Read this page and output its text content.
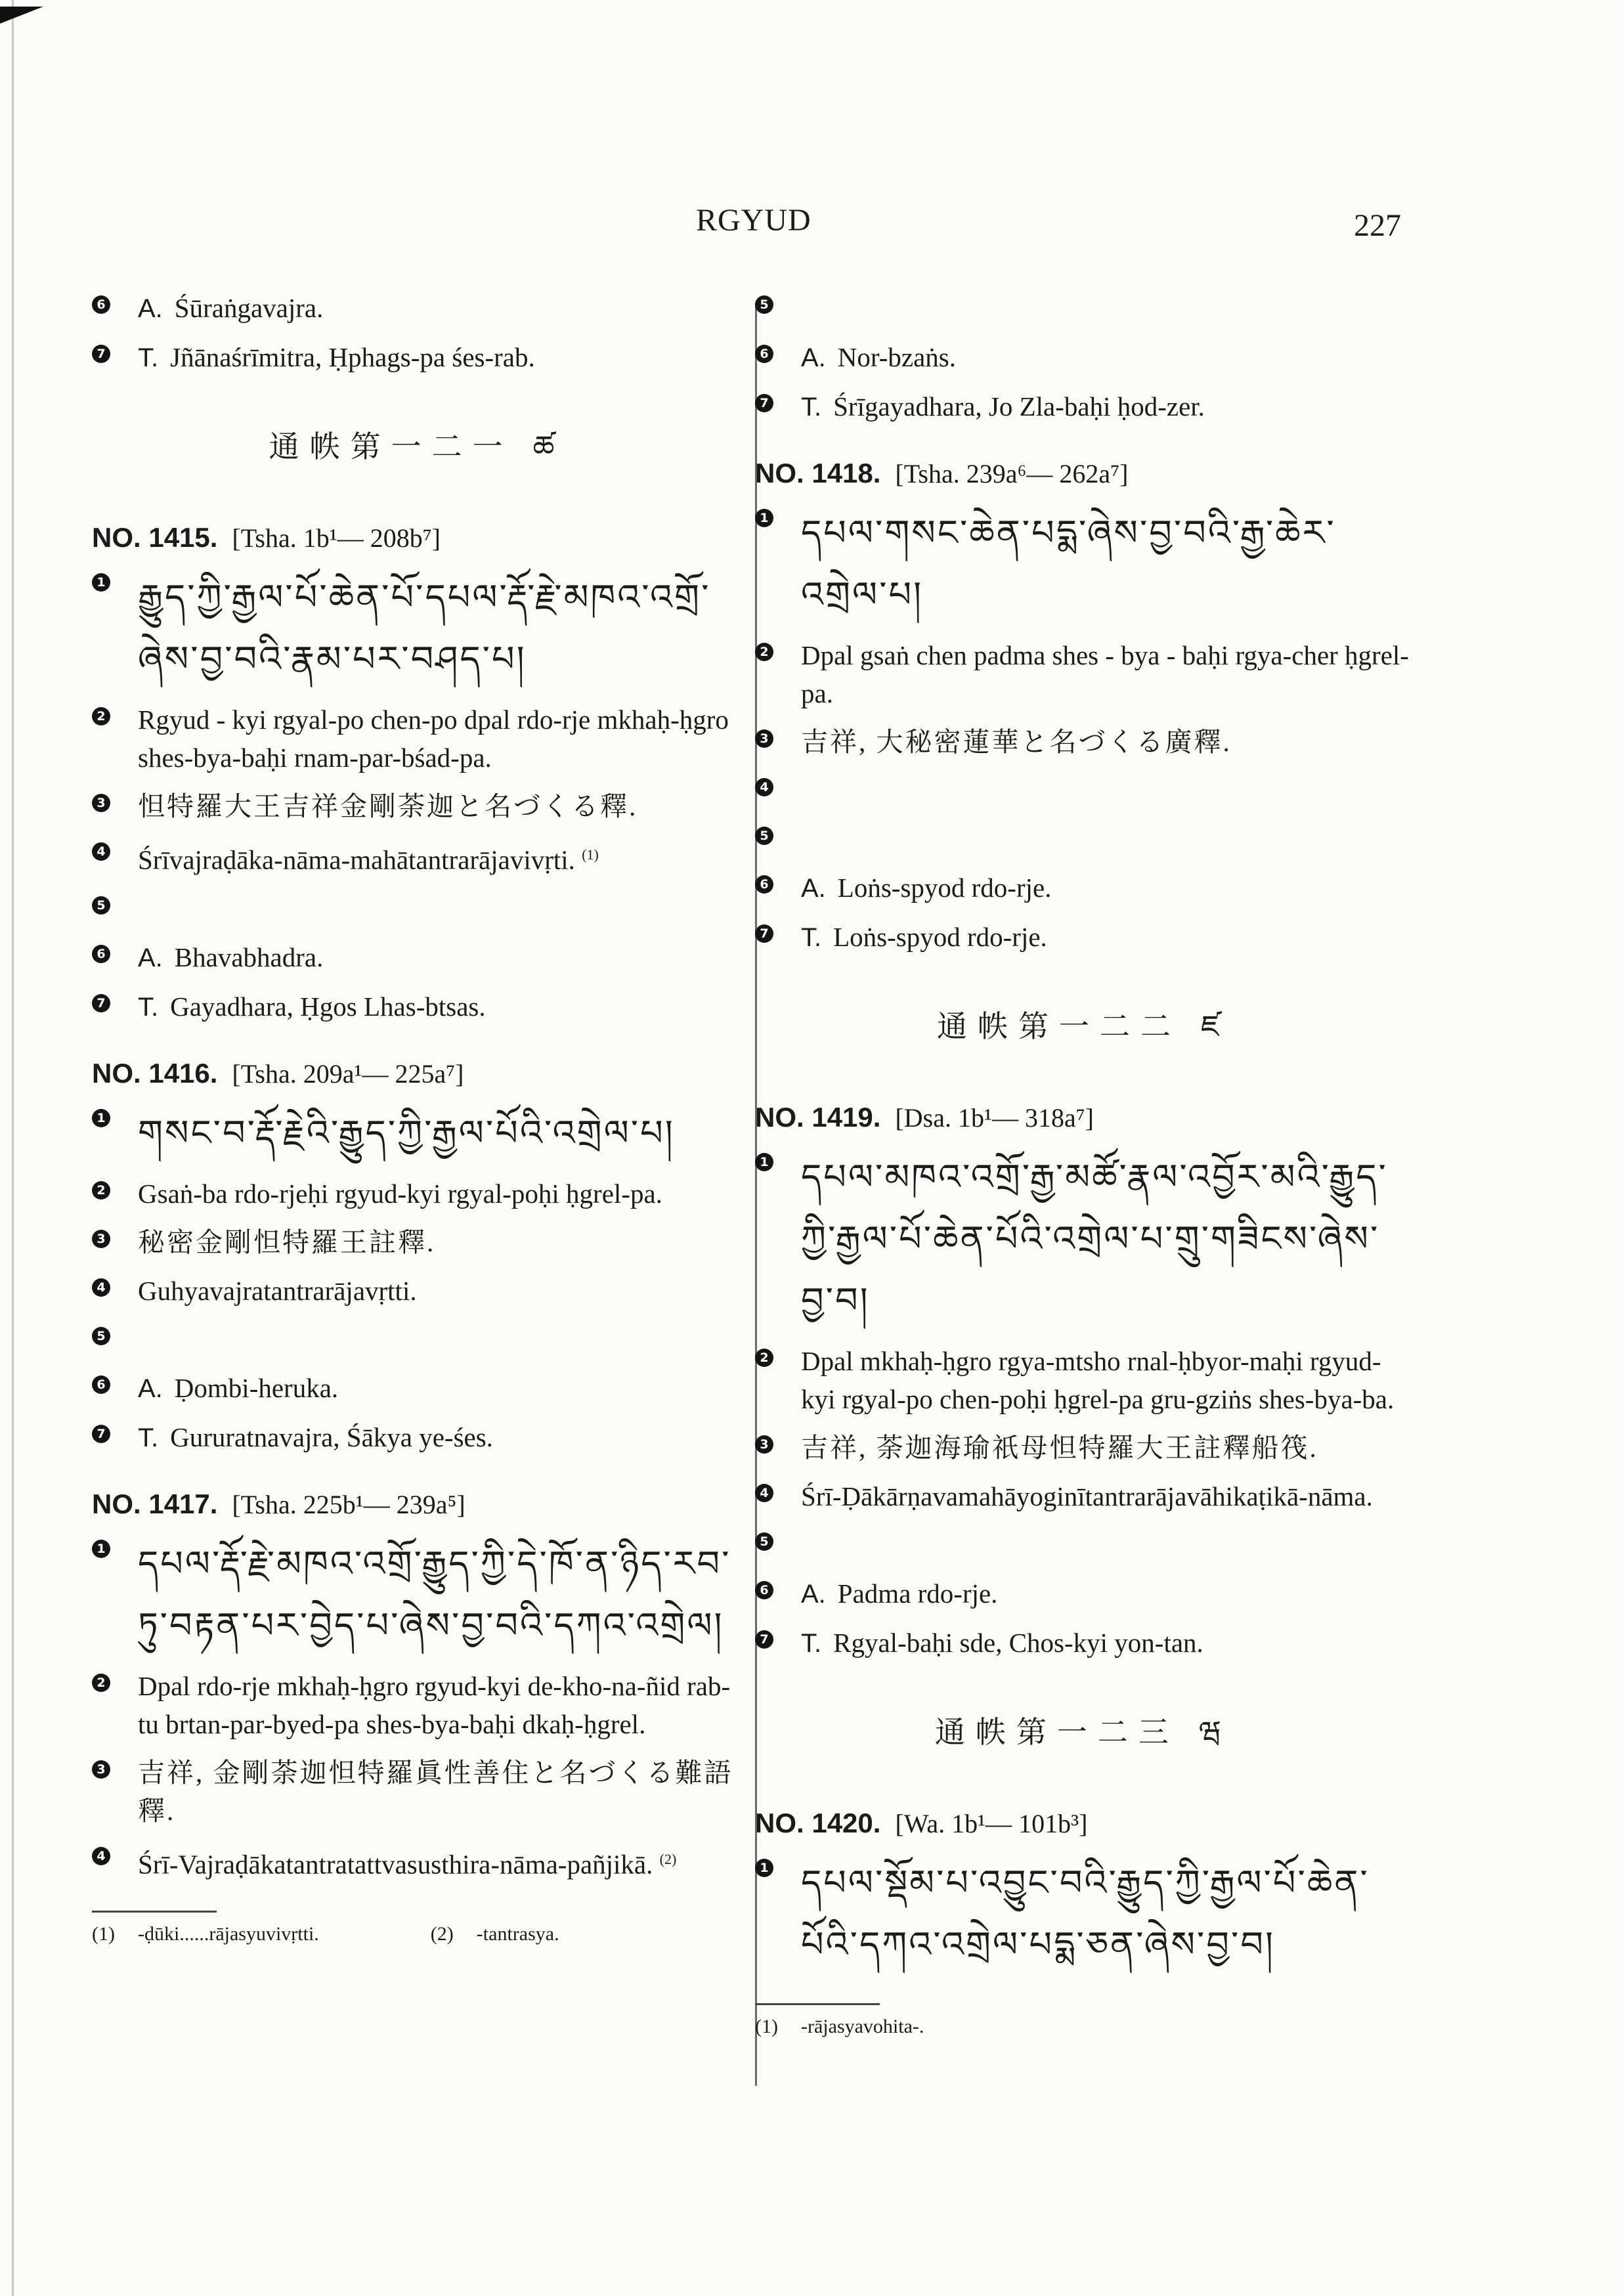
RGYUD	227
6	A. Śūraṅgavajra.
7	T. Jñānaśrīmitra, Ḥphags-pa śes-rab.
通帙第一二一 ཚ
NO. 1415. [Tsha. 1b¹— 208b⁷]
1 རྒྱུད་ཀྱི་རྒྱལ་པོ་ཆེན་པོ་དཔལ་རྡོ་རྗེ་མཁའ་འགྲོ་ཞེས་བྱ་བའི་རྣམ་པར་བཤད་པ།
2	Rgyud - kyi rgyal-po chen-po dpal rdo-rje mkhaḥ-ḥgro shes-bya-baḥi rnam-par-bśad-pa.
3	怛特羅大王吉祥金剛荼迦と名づくる釋.
4	Śrīvajraḍāka-nāma-mahātantrarājavivṛti. $^{(1)}$
5

6	A. Bhavabhadra.
7	T. Gayadhara, Ḥgos Lhas-btsas.
NO. 1416. [Tsha. 209a¹— 225a⁷]
1 གསང་བ་རྡོ་རྗེའི་རྒྱུད་ཀྱི་རྒྱལ་པོའི་འགྲེལ་པ།
2	Gsaṅ-ba rdo-rjeḥi rgyud-kyi rgyal-poḥi ḥgrel-pa.
3	秘密金剛怛特羅王註釋.
4	Guhyavajratantrarājavṛtti.
5

6	A. Ḍombi-heruka.
7	T. Gururatnavajra, Śākya ye-śes.
NO. 1417. [Tsha. 225b¹— 239a⁵]
1 དཔལ་རྡོ་རྗེ་མཁའ་འགྲོ་རྒྱུད་ཀྱི་དེ་ཁོ་ན་ཉིད་རབ་ཏུ་བརྟན་པར་བྱེད་པ་ཞེས་བྱ་བའི་དཀའ་འགྲེལ།
2	Dpal rdo-rje mkhaḥ-ḥgro rgyud-kyi de-kho-na-ñid rab-tu brtan-par-byed-pa shes-bya-baḥi dkaḥ-ḥgrel.
3	吉祥, 金剛荼迦怛特羅眞性善住と名づくる難語釋.
4	Śrī-Vajraḍākatantratattvasusthira-nāma-pañjikā. $^{(2)}$
(1)	-ḍūki......rājasyuvivṛtti.	(2)	-tantrasya.
5

6	A. Nor-bzaṅs.
7	T. Śrīgayadhara, Jo Zla-baḥi ḥod-zer.
NO. 1418. [Tsha. 239a⁶— 262a⁷]
1 དཔལ་གསང་ཆེན་པདྨ་ཞེས་བྱ་བའི་རྒྱ་ཆེར་འགྲེལ་པ།
2	Dpal gsaṅ chen padma shes - bya - baḥi rgya-cher ḥgrel-pa.
3	吉祥, 大秘密蓮華と名づくる廣釋.
4

5

6	A. Loṅs-spyod rdo-rje.
7	T. Loṅs-spyod rdo-rje.
通帙第一二二 ཛ
NO. 1419. [Dsa. 1b¹— 318a⁷]
1 དཔལ་མཁའ་འགྲོ་རྒྱ་མཚོ་རྣལ་འབྱོར་མའི་རྒྱུད་ཀྱི་རྒྱལ་པོ་ཆེན་པོའི་འགྲེལ་པ་གྲུ་གཟིངས་ཞེས་བྱ་བ།
2	Dpal mkhaḥ-ḥgro rgya-mtsho rnal-ḥbyor-maḥi rgyud-kyi rgyal-po chen-poḥi ḥgrel-pa gru-gziṅs shes-bya-ba.
3	吉祥, 荼迦海瑜祇母怛特羅大王註釋船筏.
4	Śrī-Ḍākārṇavamahāyoginītantrarājavāhikaṭikā-nāma.
5

6	A. Padma rdo-rje.
7	T. Rgyal-baḥi sde, Chos-kyi yon-tan.
通帙第一二三 ཝ
NO. 1420. [Wa. 1b¹— 101b³]
1 དཔལ་སྡོམ་པ་འབྱུང་བའི་རྒྱུད་ཀྱི་རྒྱལ་པོ་ཆེན་པོའི་དཀའ་འགྲེལ་པདྨ་ཅན་ཞེས་བྱ་བ།
(1)	-rājasyavohita-.
